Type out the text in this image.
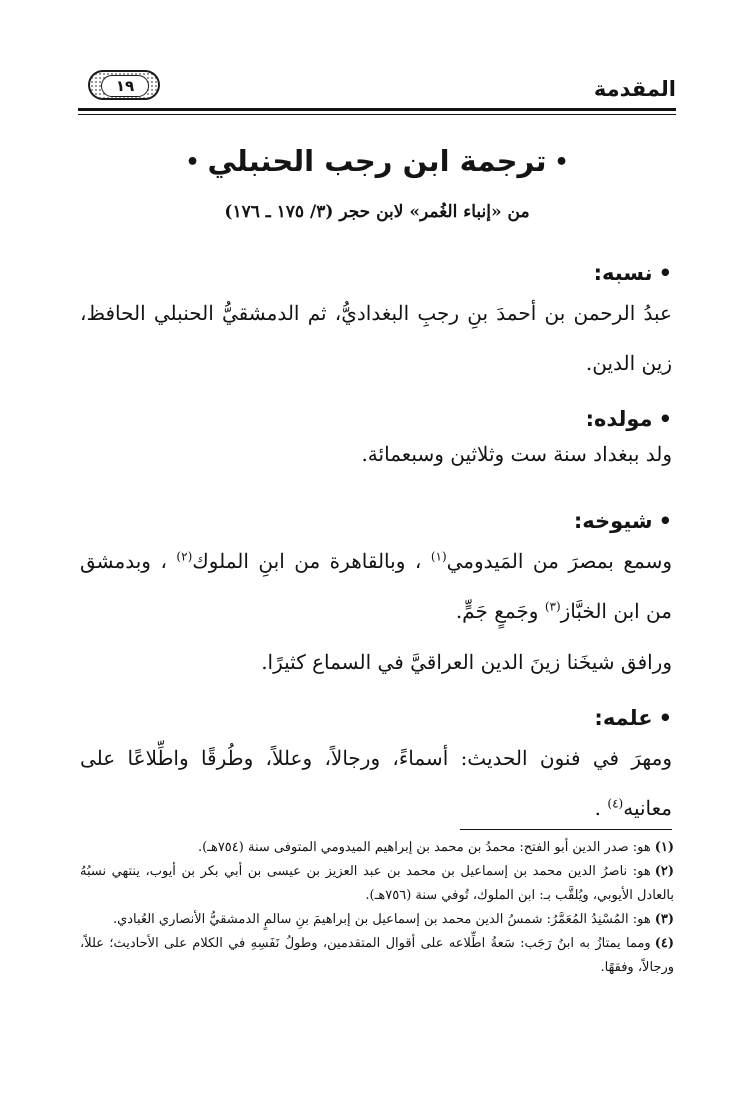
المقدمة
١٩
•ترجمة ابن رجب الحنبلي•
من «إنباء الغُمر» لابن حجر (٣/ ١٧٥ ـ ١٧٦)
•نسبه:
عبدُ الرحمن بن أحمدَ بنِ رجبِ البغداديُّ، ثم الدمشقيُّ الحنبلي الحافظ، زين الدين.
•مولده:
ولد ببغداد سنة ست وثلاثين وسبعمائة.
•شيوخه:
وسمع بمصرَ من المَيدومي$^{(١)}$ ، وبالقاهرة من ابنِ الملوك$^{(٢)}$ ، وبدمشق من ابن الخبَّاز$^{(٣)}$ وجَمعٍ جَمٍّ.
ورافق شيخَنا زينَ الدين العراقيَّ في السماع كثيرًا.
•علمه:
ومهرَ في فنون الحديث: أسماءً، ورجالاً، وعللاً، وطُرقًا واطِّلاعًا على معانيه$^{(٤)}$ .
(١)هو: صدر الدين أبو الفتح: محمدُ بن محمد بن إبراهيم الميدومي المتوفى سنة (٧٥٤هـ).
(٢)هو: ناصرُ الدين محمد بن إسماعيل بن محمد بن عبد العزيز بن عيسى بن أبي بكر بن أيوب، ينتهي نسبُهُ بالعادل الأيوبي، ويُلقَّب بـ: ابن الملوك، تُوفي سنة (٧٥٦هـ).
(٣)هو: المُسْنِدُ المُعَمَّرُ: شمسُ الدين محمد بن إسماعيل بن إبراهيمَ بنِ سالمٍ الدمشقيُّ الأنصاري العُبادي.
(٤)ومما يمتازُ به ابنُ رَجَب: سَعةُ اطِّلاعه على أقوال المتقدمين، وطولُ نَفَسِهِ في الكلام على الأحاديث؛ عللاً، ورجالاً، وفقهًا.
